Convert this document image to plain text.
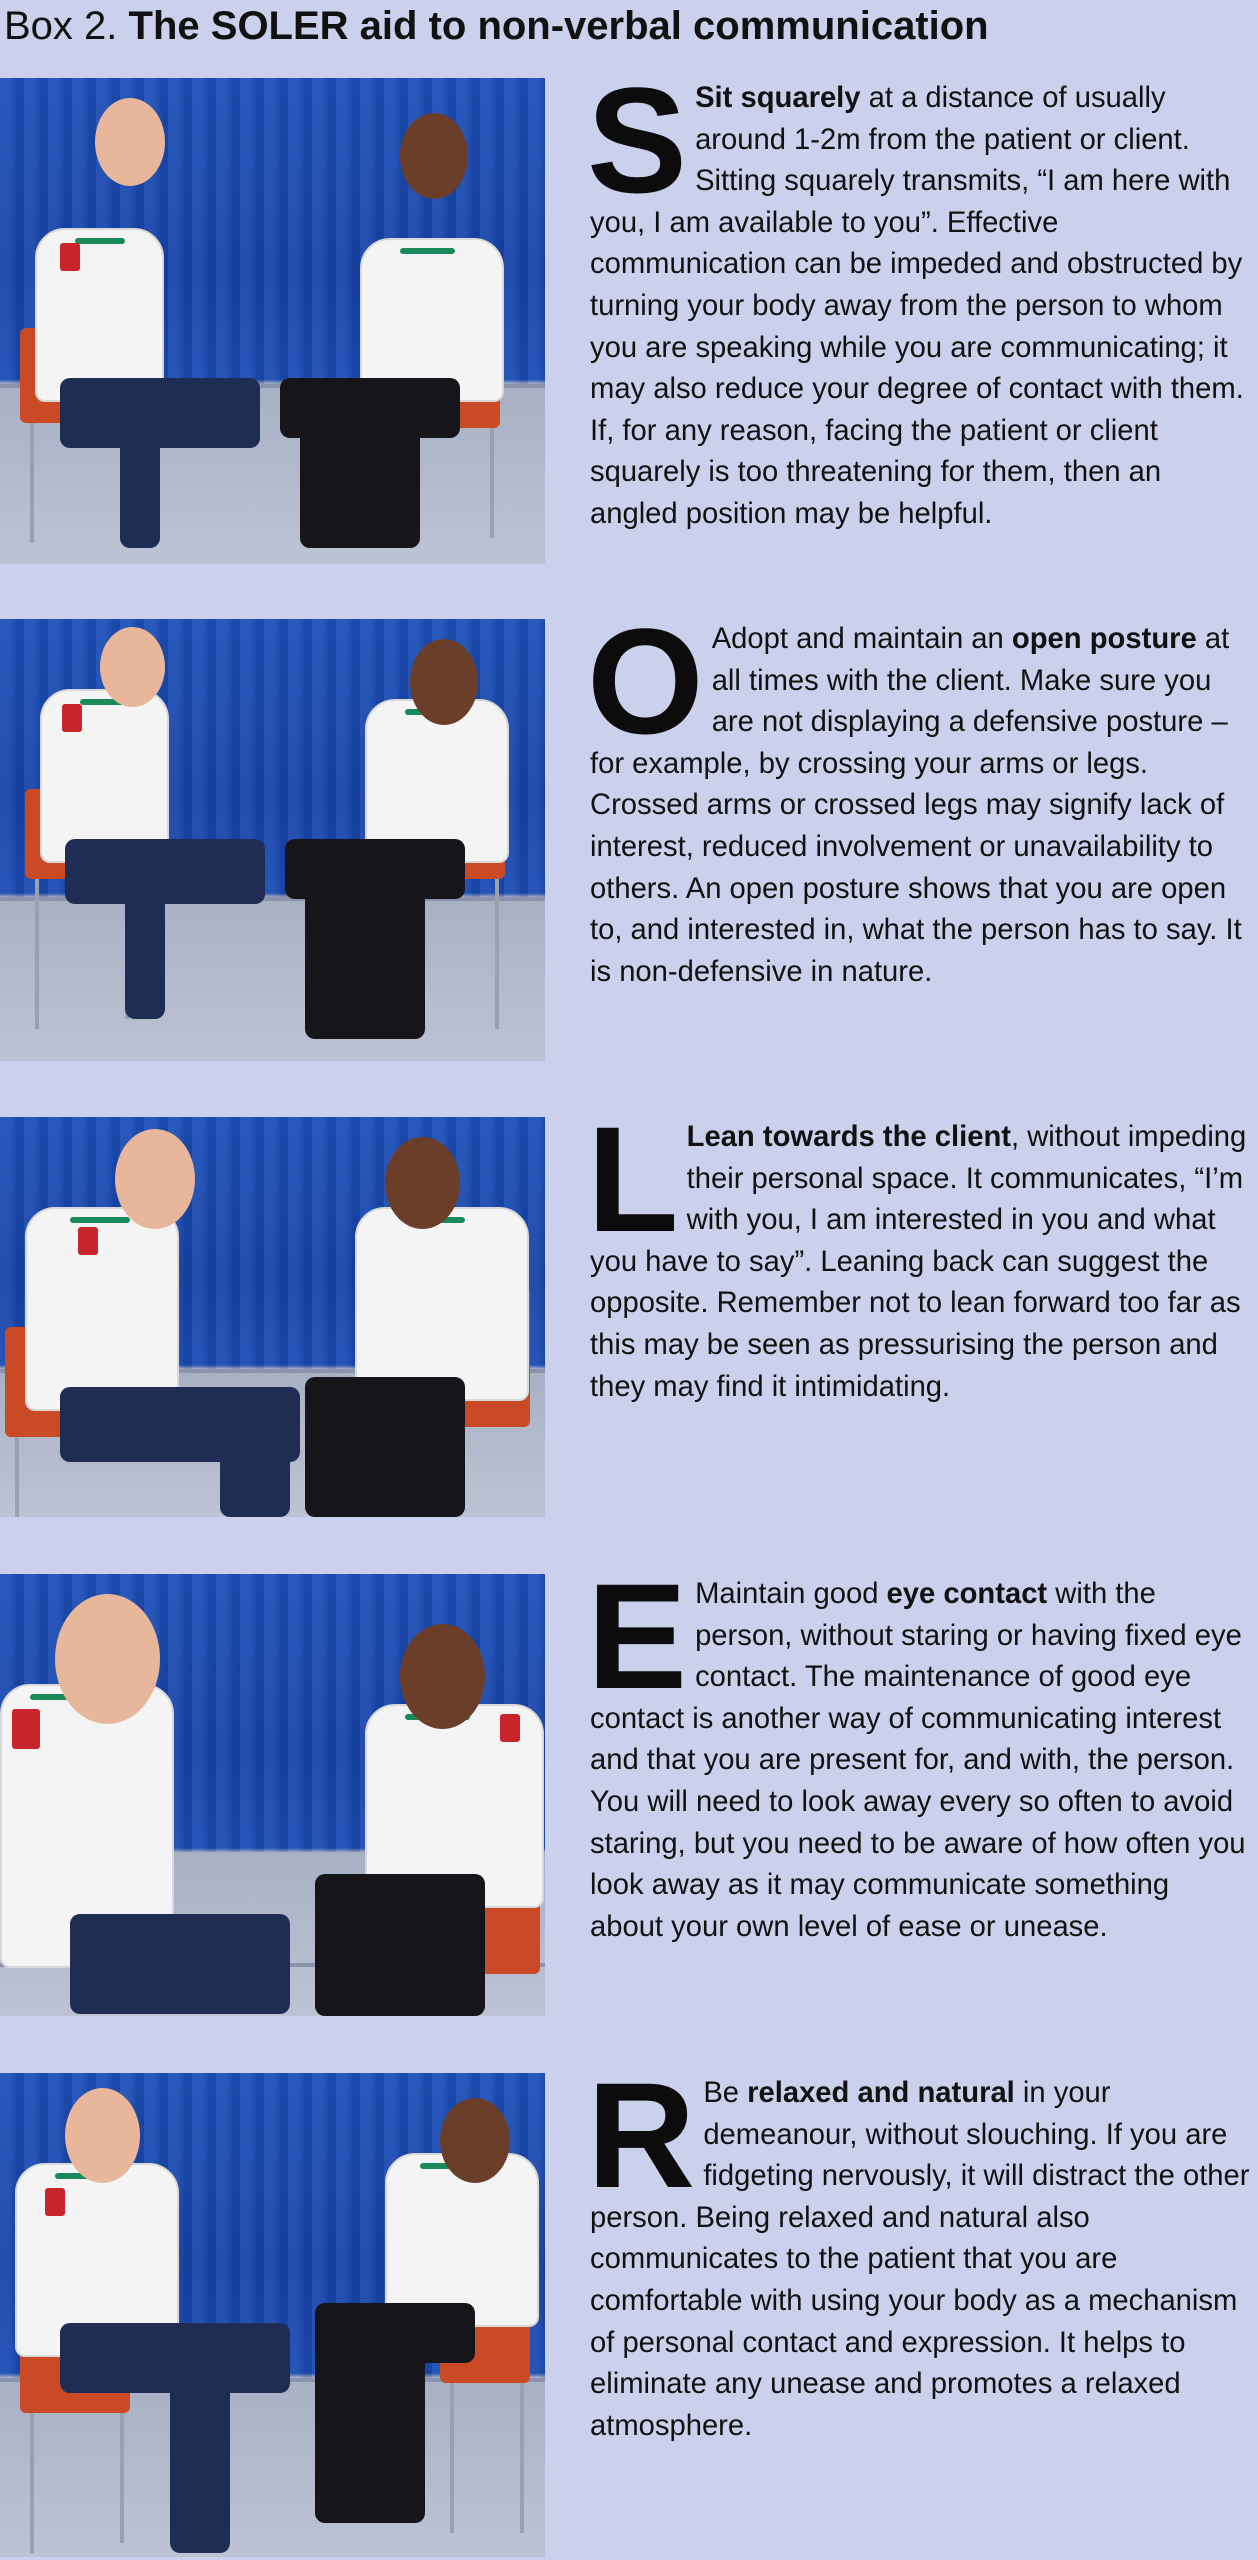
Box 2. The SOLER aid to non-verbal communication
S Sit squarely at a distance of usually around 1-2m from the patient or client. Sitting squarely transmits, “I am here with you, I am available to you”. Effective communication can be impeded and obstructed by turning your body away from the person to whom you are speaking while you are communicating; it may also reduce your degree of contact with them. If, for any reason, facing the patient or client squarely is too threatening for them, then an angled position may be helpful.
O Adopt and maintain an open posture at all times with the client. Make sure you are not displaying a defensive posture – for example, by crossing your arms or legs. Crossed arms or crossed legs may signify lack of interest, reduced involvement or unavailability to others. An open posture shows that you are open to, and interested in, what the person has to say. It is non-defensive in nature.
L Lean towards the client, without impeding their personal space. It communicates, “I’m with you, I am interested in you and what you have to say”. Leaning back can suggest the opposite. Remember not to lean forward too far as this may be seen as pressurising the person and they may find it intimidating.
E Maintain good eye contact with the person, without staring or having fixed eye contact. The maintenance of good eye contact is another way of communicating interest and that you are present for, and with, the person. You will need to look away every so often to avoid staring, but you need to be aware of how often you look away as it may communicate something about your own level of ease or unease.
R Be relaxed and natural in your demeanour, without slouching. If you are fidgeting nervously, it will distract the other person. Being relaxed and natural also communicates to the patient that you are comfortable with using your body as a mechanism of personal contact and expression. It helps to eliminate any unease and promotes a relaxed atmosphere.
